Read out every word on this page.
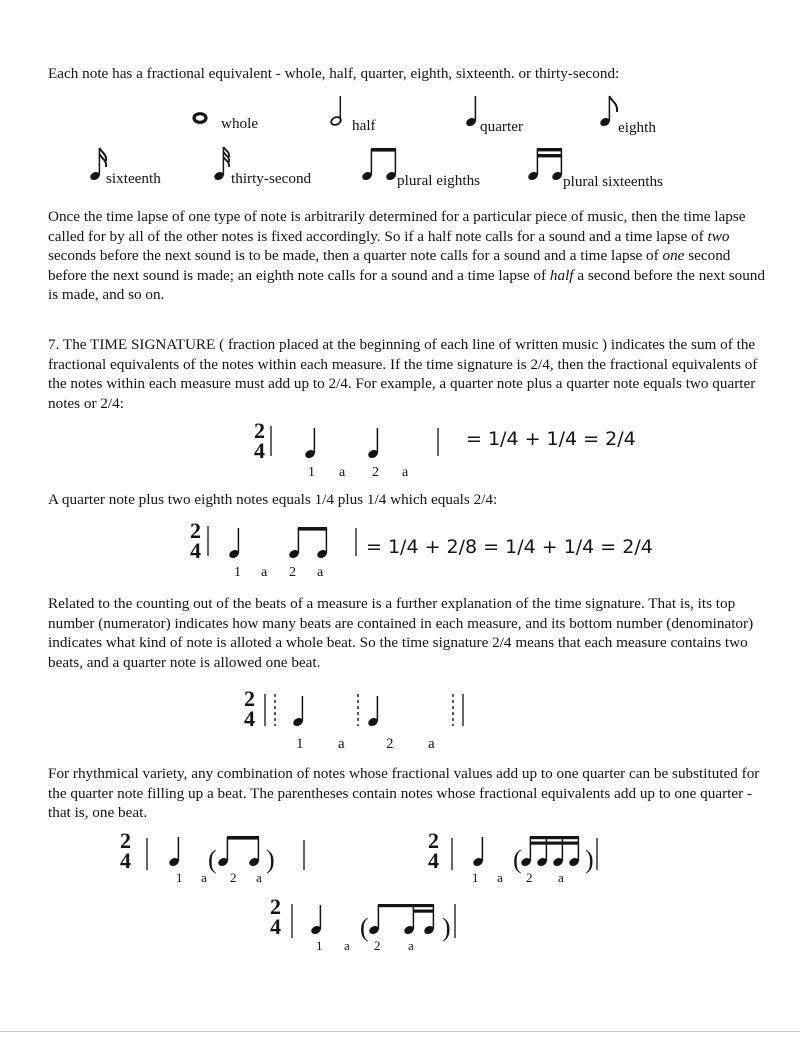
Each note has a fractional equivalent - whole, half, quarter, eighth, sixteenth. or thirty-second:

whole	half	quarter	eighth
sixteenth	thirty-second	plural eighths	plural sixteenths

Once the time lapse of one type of note is arbitrarily determined for a particular piece of music, then the time lapse called for by all of the other notes is fixed accordingly. So if a half note calls for a sound and a time lapse of two seconds before the next sound is to be made, then a quarter note calls for a sound and a time lapse of one second before the next sound is made; an eighth note calls for a sound and a time lapse of half a second before the next sound is made, and so on.

7. The TIME SIGNATURE ( fraction placed at the beginning of each line of written music ) indicates the sum of the fractional equivalents of the notes within each measure. If the time signature is 2/4, then the fractional equivalents of the notes within each measure must add up to 2/4. For example, a quarter note plus a quarter note equals two quarter notes or 2/4:

2
4
1 a 2 a
= 1/4 + 1/4 = 2/4

A quarter note plus two eighth notes equals 1/4 plus 1/4 which equals 2/4:

2
4
1 a 2 a
= 1/4 + 2/8 = 1/4 + 1/4 = 2/4

Related to the counting out of the beats of a measure is a further explanation of the time signature. That is, its top number (numerator) indicates how many beats are contained in each measure, and its bottom number (denominator) indicates what kind of note is alloted a whole beat. So the time signature 2/4 means that each measure contains two beats, and a quarter note is allowed one beat.

2
4
1 a	2 a

For rhythmical variety, any combination of notes whose fractional values add up to one quarter can be substituted for the quarter note filling up a beat. The parentheses contain notes whose fractional equivalents add up to one quarter - that is, one beat.

2
4	( )
1 a 2 a
2
4	( )
1 a 2 a
2
4	(	)
1 a 2 a
